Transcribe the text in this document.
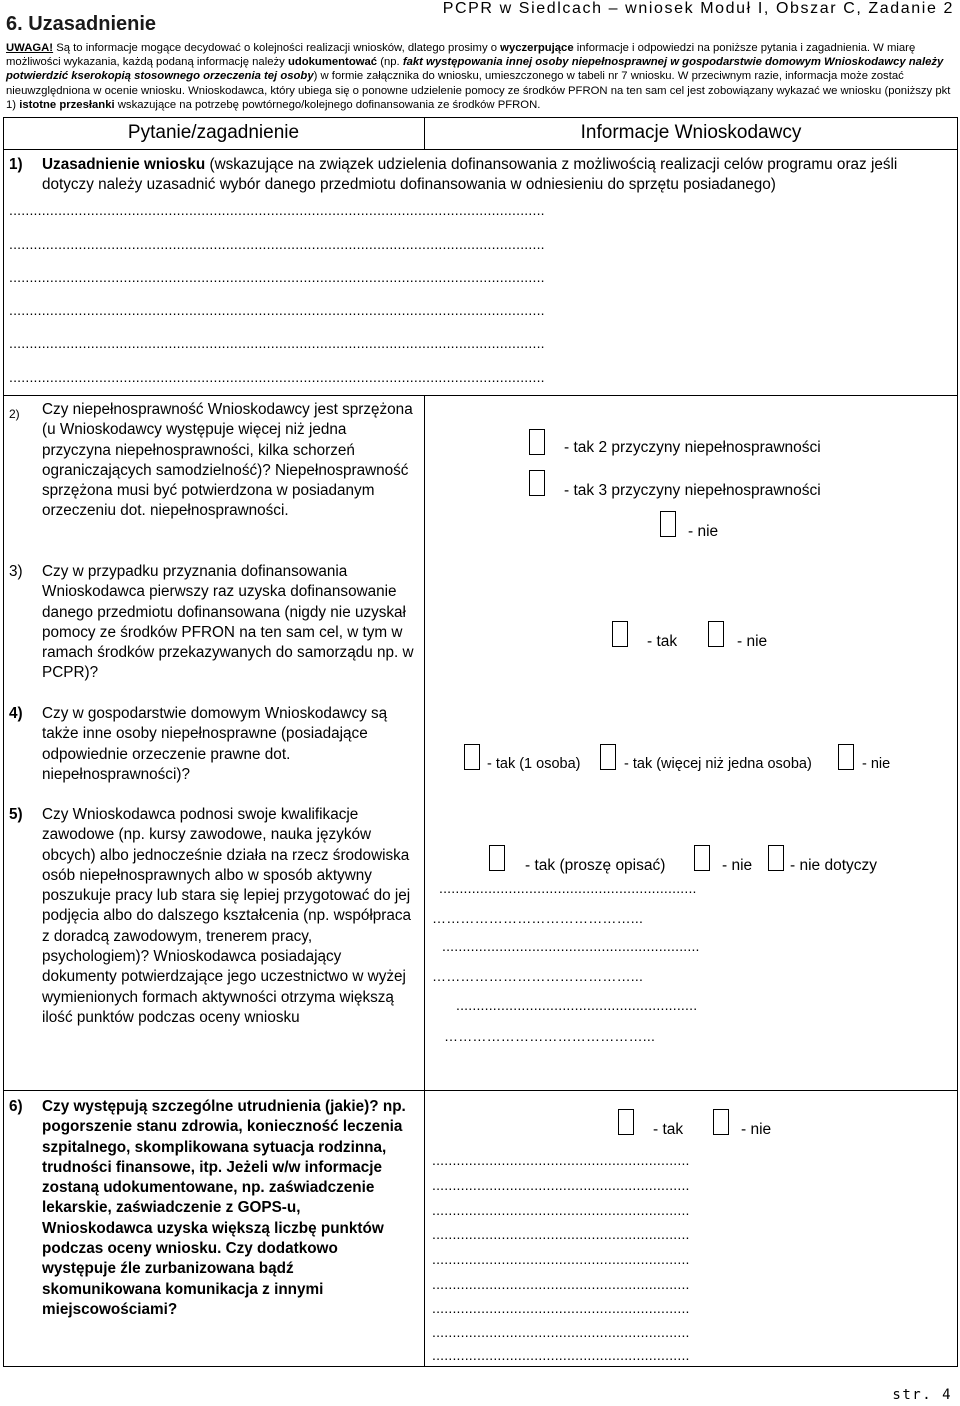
PCPR w Siedlcach – wniosek Moduł I, Obszar C, Zadanie 2
6. Uzasadnienie
UWAGA! Są to informacje mogące decydować o kolejności realizacji wniosków, dlatego prosimy o wyczerpujące informacje i odpowiedzi na poniższe pytania i zagadnienia. W miarę możliwości wykazania, każdą podaną informację należy udokumentować (np. fakt występowania innej osoby niepełnosprawnej w gospodarstwie domowym Wnioskodawcy należy potwierdzić kserokopią stosownego orzeczenia tej osoby) w formie załącznika do wniosku, umieszczonego w tabeli nr 7 wniosku. W przeciwnym razie, informacja może zostać nieuwzględniona w ocenie wniosku. Wnioskodawca, który ubiega się o ponowne udzielenie pomocy ze środków PFRON na ten sam cel jest zobowiązany wykazać we wniosku (poniższy pkt 1) istotne przesłanki wskazujące na potrzebę powtórnego/kolejnego dofinansowania ze środków PFRON.
Pytanie/zagadnienie	Informacje Wnioskodawcy
1) Uzasadnienie wniosku (wskazujące na związek udzielenia dofinansowania z możliwością realizacji celów programu oraz jeśli dotyczy należy uzasadnić wybór danego przedmiotu dofinansowania w odniesieniu do sprzętu posiadanego)
...................................................................................................................................
...................................................................................................................................
...................................................................................................................................
...................................................................................................................................
...................................................................................................................................
...................................................................................................................................
2) Czy niepełnosprawność Wnioskodawcy jest sprzężona (u Wnioskodawcy występuje więcej niż jedna przyczyna niepełnosprawności, kilka schorzeń ograniczających samodzielność)? Niepełnosprawność sprzężona musi być potwierdzona w posiadanym orzeczeniu dot. niepełnosprawności.
- tak 2 przyczyny niepełnosprawności
- tak 3 przyczyny niepełnosprawności
- nie
3) Czy w przypadku przyznania dofinansowania Wnioskodawca pierwszy raz uzyska dofinansowanie danego przedmiotu dofinansowana (nigdy nie uzyskał pomocy ze środków PFRON na ten sam cel, w tym w ramach środków przekazywanych do samorządu np. w PCPR)?
- tak	- nie
4) Czy w gospodarstwie domowym Wnioskodawcy są także inne osoby niepełnosprawne (posiadające odpowiednie orzeczenie prawne dot. niepełnosprawności)?
- tak (1 osoba)	- tak (więcej niż jedna osoba)	- nie
5) Czy Wnioskodawca podnosi swoje kwalifikacje zawodowe (np. kursy zawodowe, nauka języków obcych) albo jednocześnie działa na rzecz środowiska osób niepełnosprawnych albo w sposób aktywny poszukuje pracy lub stara się lepiej przygotować do jej podjęcia albo do dalszego kształcenia (np. współpraca z doradcą zawodowym, trenerem pracy, psychologiem)? Wnioskodawca posiadający dokumenty potwierdzające jego uczestnictwo w wyżej wymienionych formach aktywności otrzyma większą ilość punktów podczas oceny wniosku
- tak (proszę opisać)	- nie - nie dotyczy
...............................................................
……………………………………...
...............................................................
……………………………………...
...........................................................
……………………………………...
6) Czy występują szczególne utrudnienia (jakie)? np. pogorszenie stanu zdrowia, konieczność leczenia szpitalnego, skomplikowana sytuacja rodzinna, trudności finansowe, itp. Jeżeli w/w informacje zostaną udokumentowane, np. zaświadczenie lekarskie, zaświadczenie z GOPS-u, Wnioskodawca uzyska większą liczbę punktów podczas oceny wniosku. Czy dodatkowo występuje źle zurbanizowana bądź skomunikowana komunikacja z innymi miejscowościami?
- tak	- nie
...............................................................
...............................................................
...............................................................
...............................................................
...............................................................
...............................................................
...............................................................
...............................................................
...............................................................
str. 4
